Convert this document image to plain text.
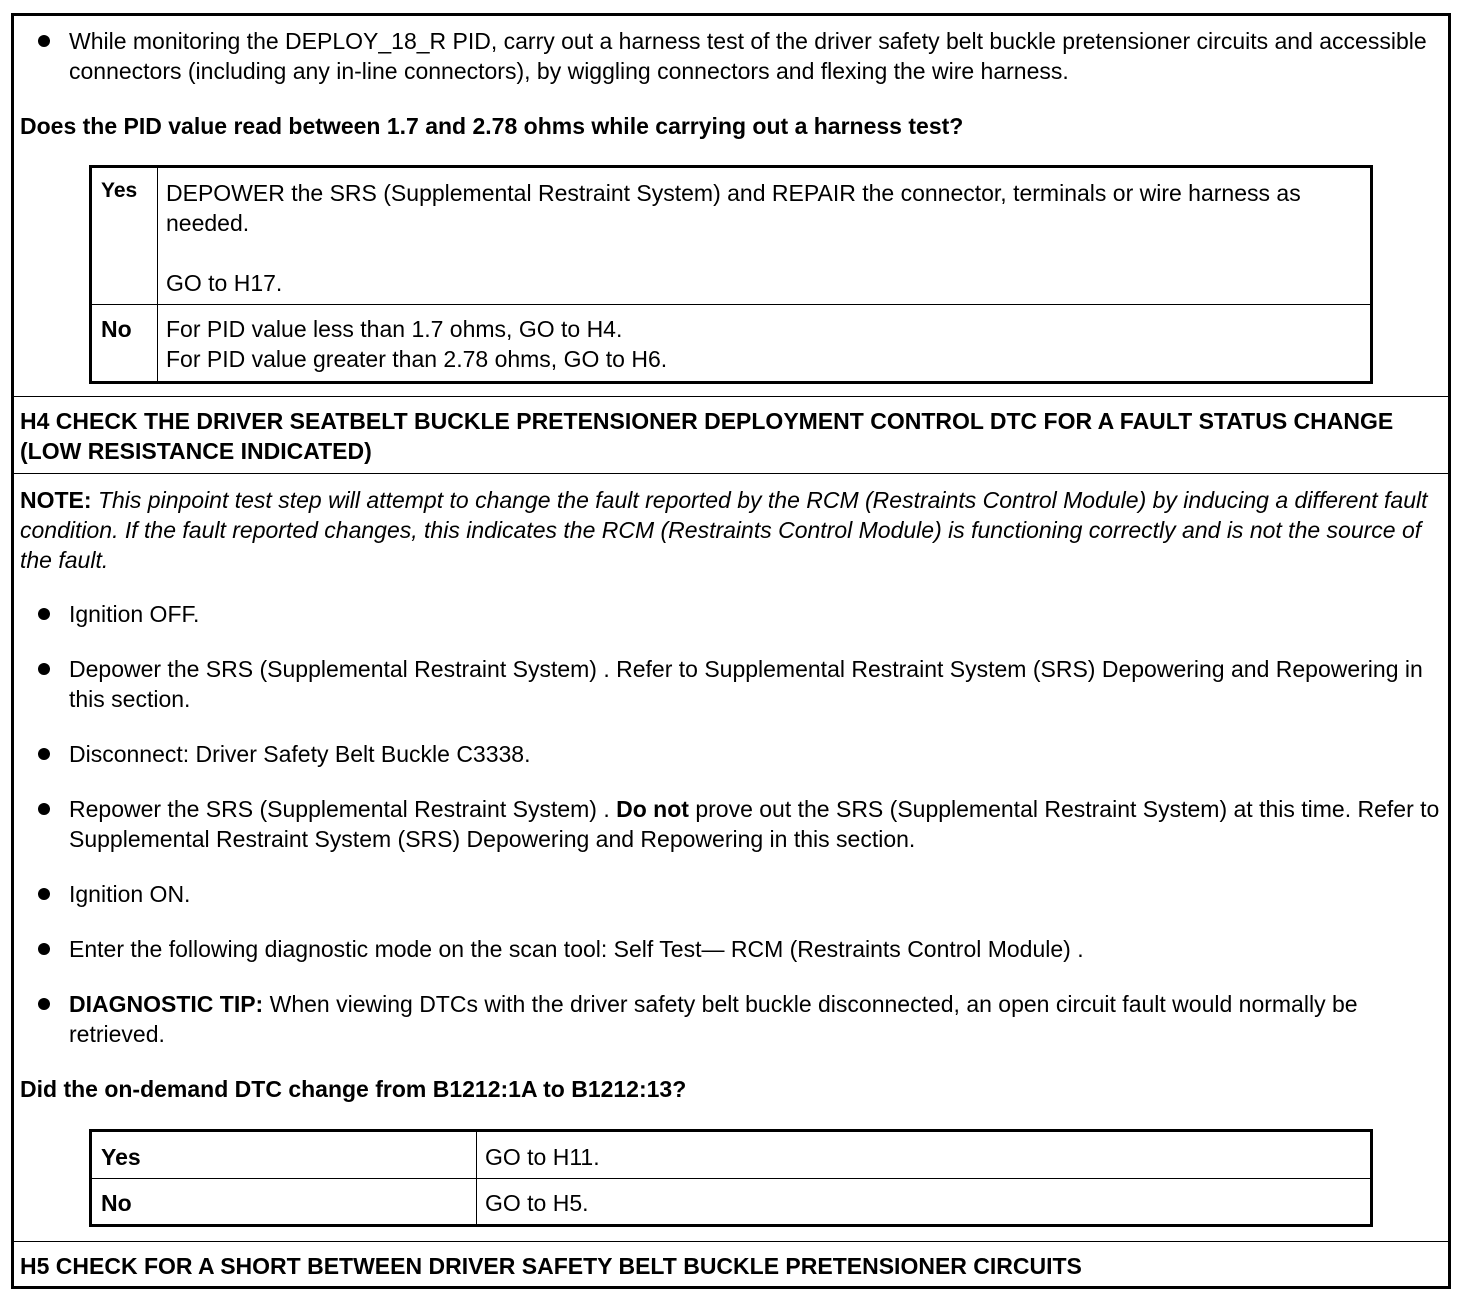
While monitoring the DEPLOY_18_R PID, carry out a harness test of the driver safety belt buckle pretensioner circuits and accessible connectors (including any in-line connectors), by wiggling connectors and flexing the wire harness.
Does the PID value read between 1.7 and 2.78 ohms while carrying out a harness test?
Yes	DEPOWER the SRS (Supplemental Restraint System) and REPAIR the connector, terminals or wire harness as needed.
GO to H17.

No	For PID value less than 1.7 ohms, GO to H4.
For PID value greater than 2.78 ohms, GO to H6.
H4 CHECK THE DRIVER SEATBELT BUCKLE PRETENSIONER DEPLOYMENT CONTROL DTC FOR A FAULT STATUS CHANGE (LOW RESISTANCE INDICATED)
NOTE: This pinpoint test step will attempt to change the fault reported by the RCM (Restraints Control Module) by inducing a different fault condition. If the fault reported changes, this indicates the RCM (Restraints Control Module) is functioning correctly and is not the source of the fault.
Ignition OFF.
Depower the SRS (Supplemental Restraint System) . Refer to Supplemental Restraint System (SRS) Depowering and Repowering in this section.
Disconnect: Driver Safety Belt Buckle C3338.
Repower the SRS (Supplemental Restraint System) . Do not prove out the SRS (Supplemental Restraint System) at this time. Refer to Supplemental Restraint System (SRS) Depowering and Repowering in this section.
Ignition ON.
Enter the following diagnostic mode on the scan tool: Self Test— RCM (Restraints Control Module) .
DIAGNOSTIC TIP: When viewing DTCs with the driver safety belt buckle disconnected, an open circuit fault would normally be retrieved.
Did the on-demand DTC change from B1212:1A to B1212:13?
Yes	GO to H11.
No	GO to H5.
H5 CHECK FOR A SHORT BETWEEN DRIVER SAFETY BELT BUCKLE PRETENSIONER CIRCUITS
